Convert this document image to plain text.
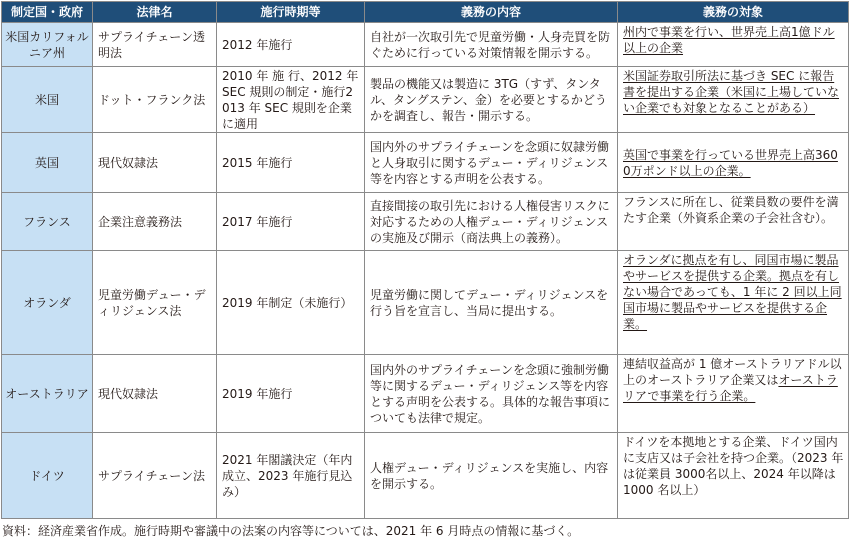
制定国・政府	法律名	施行時期等	義務の内容	義務の対象
米国カリフォルニア州	サプライチェーン透明法	2012 年施行	自社が一次取引先で児童労働・人身売買を防ぐために行っている対策情報を開示する。	州内で事業を行い、世界売上高1億ドル以上の企業
米国	ドット・フランク法	2010 年 施 行、2012 年SEC 規則の制定・施行2013 年 SEC 規則を企業に適用	製品の機能又は製造に 3TG（すず、タンタル、タングステン、金）を必要とするかどうかを調査し、報告・開示する。	米国証券取引所法に基づき SEC に報告書を提出する企業（米国に上場していない企業でも対象となることがある）
英国	現代奴隷法	2015 年施行	国内外のサプライチェーンを念頭に奴隷労働と人身取引に関するデュー・ディリジェンス等を内容とする声明を公表する。	英国で事業を行っている世界売上高3600万ポンド以上の企業。
フランス	企業注意義務法	2017 年施行	直接間接の取引先における人権侵害リスクに対応するための人権デュー・ディリジェンスの実施及び開示（商法典上の義務）。	フランスに所在し、従業員数の要件を満たす企業（外資系企業の子会社含む）。
オランダ	児童労働デュー・ディリジェンス法	2019 年制定（未施行）	児童労働に関してデュー・ディリジェンスを行う旨を宣言し、当局に提出する。	オランダに拠点を有し、同国市場に製品やサービスを提供する企業。拠点を有しない場合であっても、1 年に 2 回以上同国市場に製品やサービスを提供する企業。
オーストラリア	現代奴隷法	2019 年施行	国内外のサプライチェーンを念頭に強制労働等に関するデュー・ディリジェンス等を内容とする声明を公表する。具体的な報告事項についても法律で規定。	連結収益高が 1 億オーストラリアドル以上のオーストラリア企業又はオーストラリアで事業を行う企業。
ドイツ	サプライチェーン法	2021 年閣議決定（年内成立、2023 年施行見込み）	人権デュー・ディリジェンスを実施し、内容を開示する。	ドイツを本拠地とする企業、ドイツ国内に支店又は子会社を持つ企業。（2023 年は従業員 3000名以上、2024 年以降は 1000 名以上）
資料：経済産業省作成。施行時期や審議中の法案の内容等については、2021 年 6 月時点の情報に基づく。
